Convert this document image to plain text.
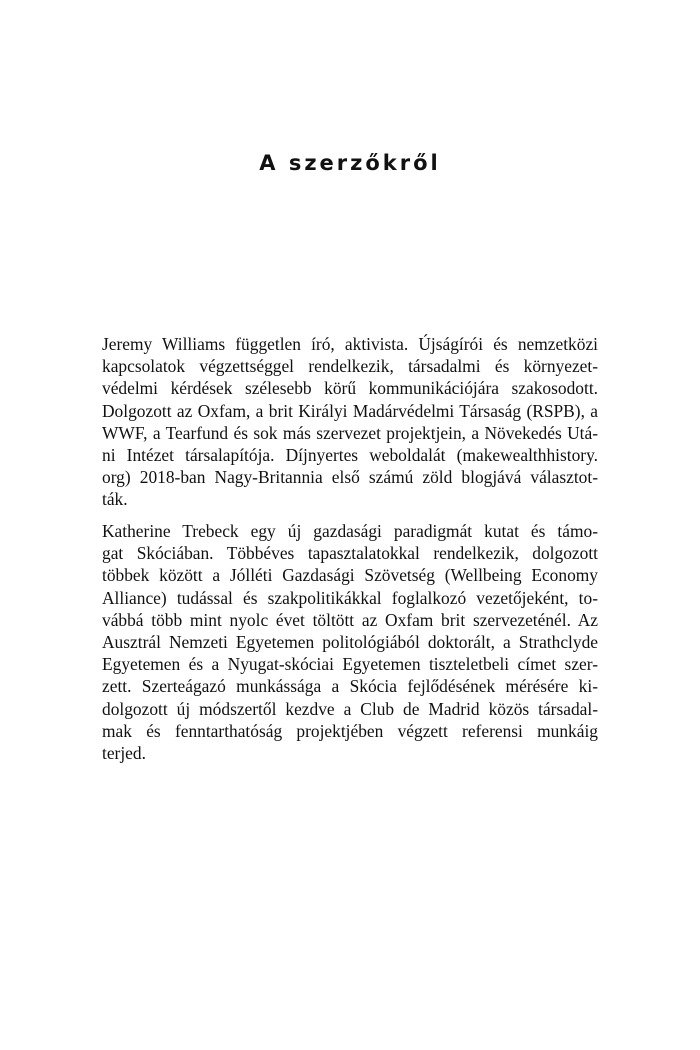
A szerzőkről
Jeremy Williams független író, aktivista. Újságírói és nemzetközi
kapcsolatok végzettséggel rendelkezik, társadalmi és környezet-
védelmi kérdések szélesebb körű kommunikációjára szakosodott.
Dolgozott az Oxfam, a brit Királyi Madárvédelmi Társaság (RSPB), a
WWF, a Tearfund és sok más szervezet projektjein, a Növekedés Utá-
ni Intézet társalapítója. Díjnyertes weboldalát (makewealthhistory.
org) 2018-ban Nagy-Britannia első számú zöld blogjává választot-
ták.
Katherine Trebeck egy új gazdasági paradigmát kutat és támo-
gat Skóciában. Többéves tapasztalatokkal rendelkezik, dolgozott
többek között a Jólléti Gazdasági Szövetség (Wellbeing Economy
Alliance) tudással és szakpolitikákkal foglalkozó vezetőjeként, to-
vábbá több mint nyolc évet töltött az Oxfam brit szervezeténél. Az
Ausztrál Nemzeti Egyetemen politológiából doktorált, a Strathclyde
Egyetemen és a Nyugat-skóciai Egyetemen tiszteletbeli címet szer-
zett. Szerteágazó munkássága a Skócia fejlődésének mérésére ki-
dolgozott új módszertől kezdve a Club de Madrid közös társadal-
mak és fenntarthatóság projektjében végzett referensi munkáig
terjed.
